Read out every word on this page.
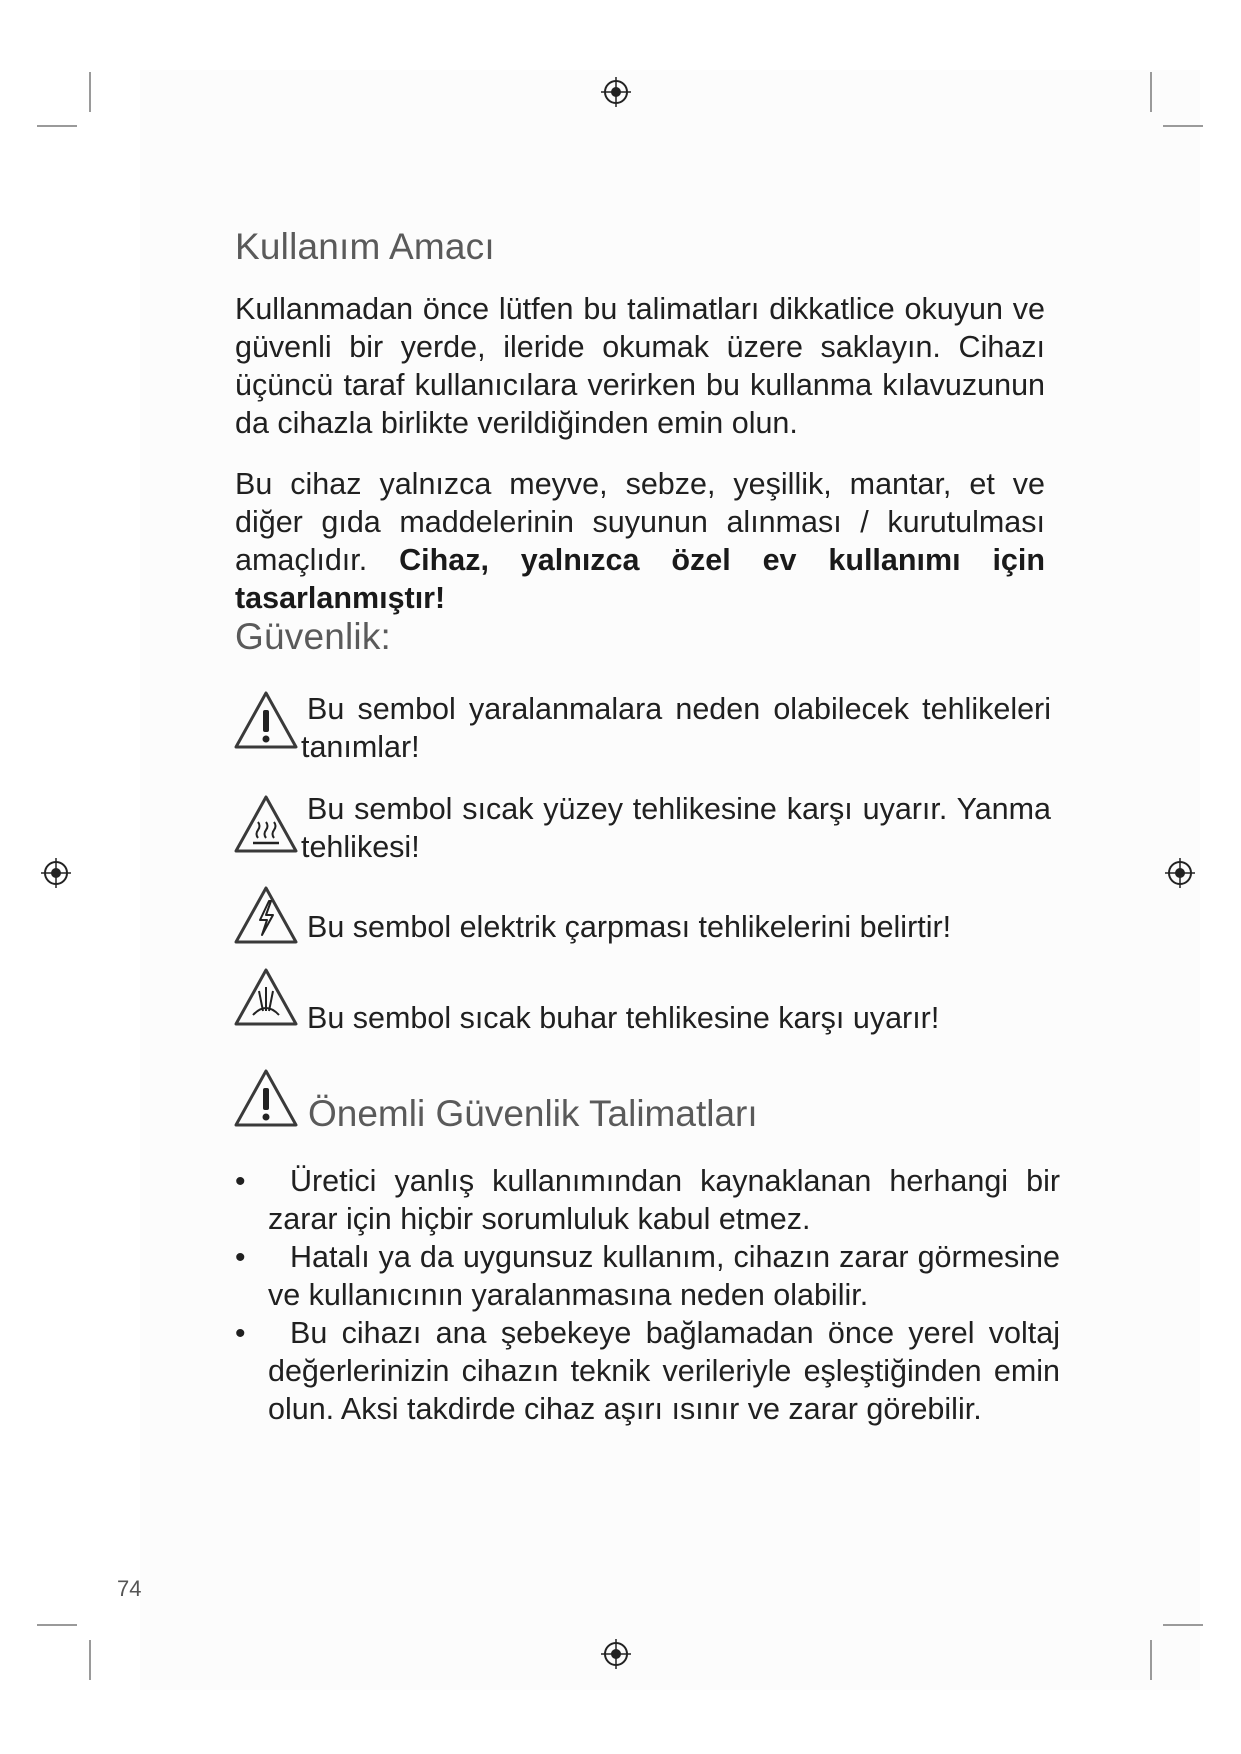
Kullanım Amacı

Kullanmadan önce lütfen bu talimatları dikkatlice okuyun ve güvenli bir yerde, ileride okumak üzere saklayın. Cihazı üçüncü taraf kullanıcılara verirken bu kullanma kılavuzunun da cihazla birlikte verildiğinden emin olun.

Bu cihaz yalnızca meyve, sebze, yeşillik, mantar, et ve diğer gıda maddelerinin suyunun alınması / kurutulması amaçlıdır. Cihaz, yalnızca özel ev kullanımı için tasarlanmıştır!

Güvenlik:

Bu sembol yaralanmalara neden olabilecek tehlikeleri
tanımlar!

Bu sembol sıcak yüzey tehlikesine karşı uyarır. Yanma
tehlikesi!

Bu sembol elektrik çarpması tehlikelerini belirtir!

Bu sembol sıcak buhar tehlikesine karşı uyarır!

Önemli Güvenlik Talimatları
•
Üretici yanlış kullanımından kaynaklanan herhangi bir zarar için hiçbir sorumluluk kabul etmez.
•
Hatalı ya da uygunsuz kullanım, cihazın zarar görmesine ve kullanıcının yaralanmasına neden olabilir.
•
Bu cihazı ana şebekeye bağlamadan önce yerel voltaj değerlerinizin cihazın teknik verileriyle eşleştiğinden emin olun. Aksi takdirde cihaz aşırı ısınır ve zarar görebilir.
74
